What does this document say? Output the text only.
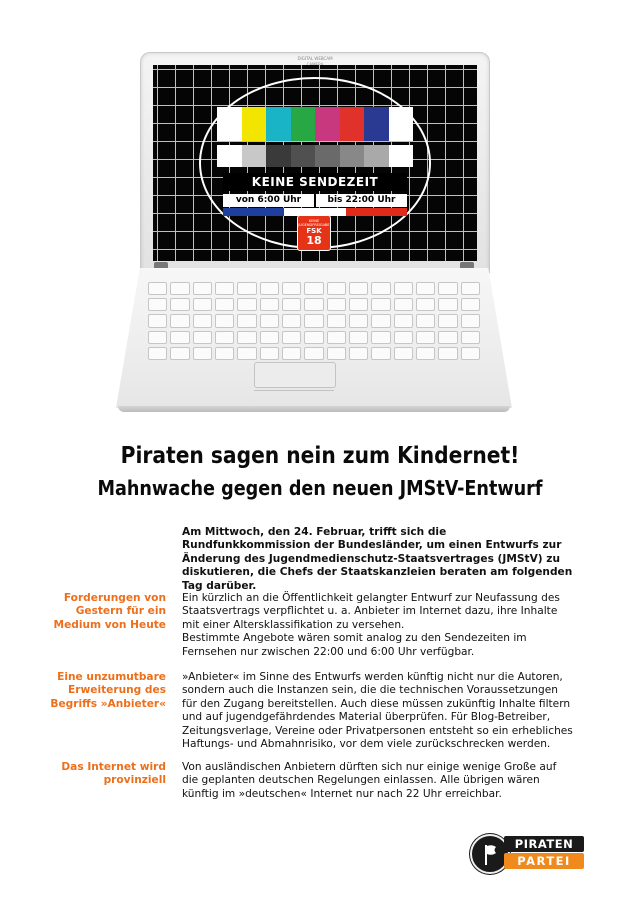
DIGITAL WEBCAM
KEINE SENDEZEIT
von 6:00 Uhr	bis 22:00 Uhr
KEINE JUGENDFREIGABE
FSK
18
Piraten sagen nein zum Kindernet!
Mahnwache gegen den neuen JMStV-Entwurf
Am Mittwoch, den 24. Februar, trifft sich die Rundfunkkommission der Bundesländer, um einen Entwurfs zur Änderung des Jugendmedienschutz-Staatsvertrages (JMStV) zu diskutieren, die Chefs der Staatskanzleien beraten am folgenden Tag darüber.
Forderungen von Gestern für ein Medium von Heute

Ein kürzlich an die Öffentlichkeit gelangter Entwurf zur Neufassung des Staatsvertrags verpflichtet u. a. Anbieter im Internet dazu, ihre Inhalte mit einer Altersklassifikation zu versehen.

Bestimmte Angebote wären somit analog zu den Sendezeiten im Fernsehen nur zwischen 22:00 und 6:00 Uhr verfügbar.

Eine unzumutbare Erweiterung des Begriffs »Anbieter«

»Anbieter« im Sinne des Entwurfs werden künftig nicht nur die Autoren, sondern auch die Instanzen sein, die die technischen Voraussetzungen für den Zugang bereitstellen. Auch diese müssen zukünftig Inhalte filtern und auf jugendgefährdendes Material überprüfen. Für Blog-Betreiber, Zeitungsverlage, Vereine oder Privatpersonen entsteht so ein erhebliches Haftungs- und Abmahnrisiko, vor dem viele zurückschrecken werden.

Das Internet wird provinziell

Von ausländischen Anbietern dürften sich nur einige wenige Große auf die geplanten deutschen Regelungen einlassen. Alle übrigen wären künftig im »deutschen« Internet nur nach 22 Uhr erreichbar.

PIRATEN
PARTEI
